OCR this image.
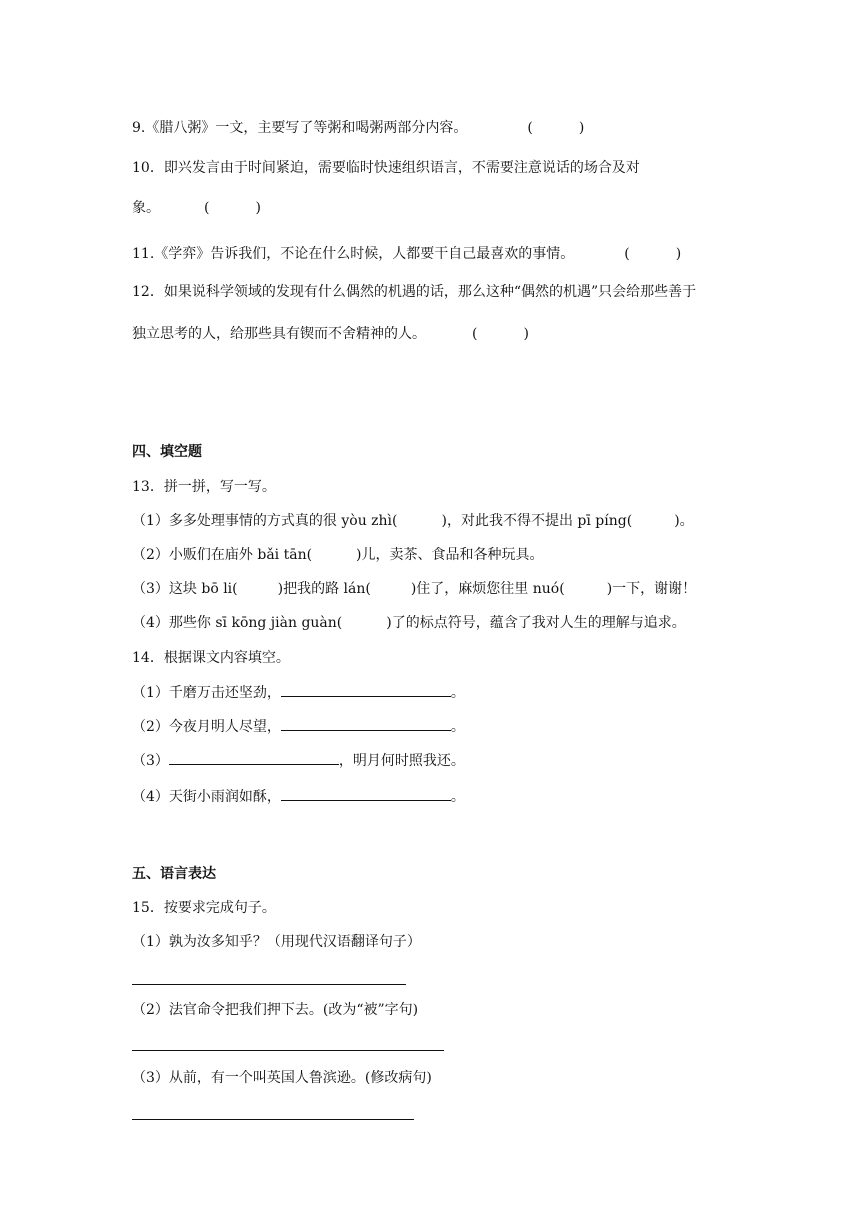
9.《腊八粥》一文，主要写了等粥和喝粥两部分内容。	(	)
10．即兴发言由于时间紧迫，需要临时快速组织语言，不需要注意说话的场合及对
象。	(	)
11.《学弈》告诉我们，不论在什么时候，人都要干自己最喜欢的事情。	(	)
12．如果说科学领域的发现有什么偶然的机遇的话，那么这种“偶然的机遇”只会给那些善于
独立思考的人，给那些具有锲而不舍精神的人。	(	)
四、填空题
13．拼一拼，写一写。
（1）多多处理事情的方式真的很 yòu zhì(	)，对此我不得不提出 pī píng(	)。
（2）小贩们在庙外 bǎi tān(	)儿，卖茶、食品和各种玩具。
（3）这块 bō li(	)把我的路 lán(	)住了，麻烦您往里 nuó(	)一下，谢谢！
（4）那些你 sī kōng jiàn guàn(	)了的标点符号，蕴含了我对人生的理解与追求。
14．根据课文内容填空。
（1）千磨万击还坚劲，	。
（2）今夜月明人尽望，	。
（3）	，明月何时照我还。
（4）天街小雨润如酥，	。
五、语言表达
15．按要求完成句子。
（1）孰为汝多知乎？（用现代汉语翻译句子）
（2）法官命令把我们押下去。(改为“被”字句)
（3）从前，有一个叫英国人鲁滨逊。(修改病句)
